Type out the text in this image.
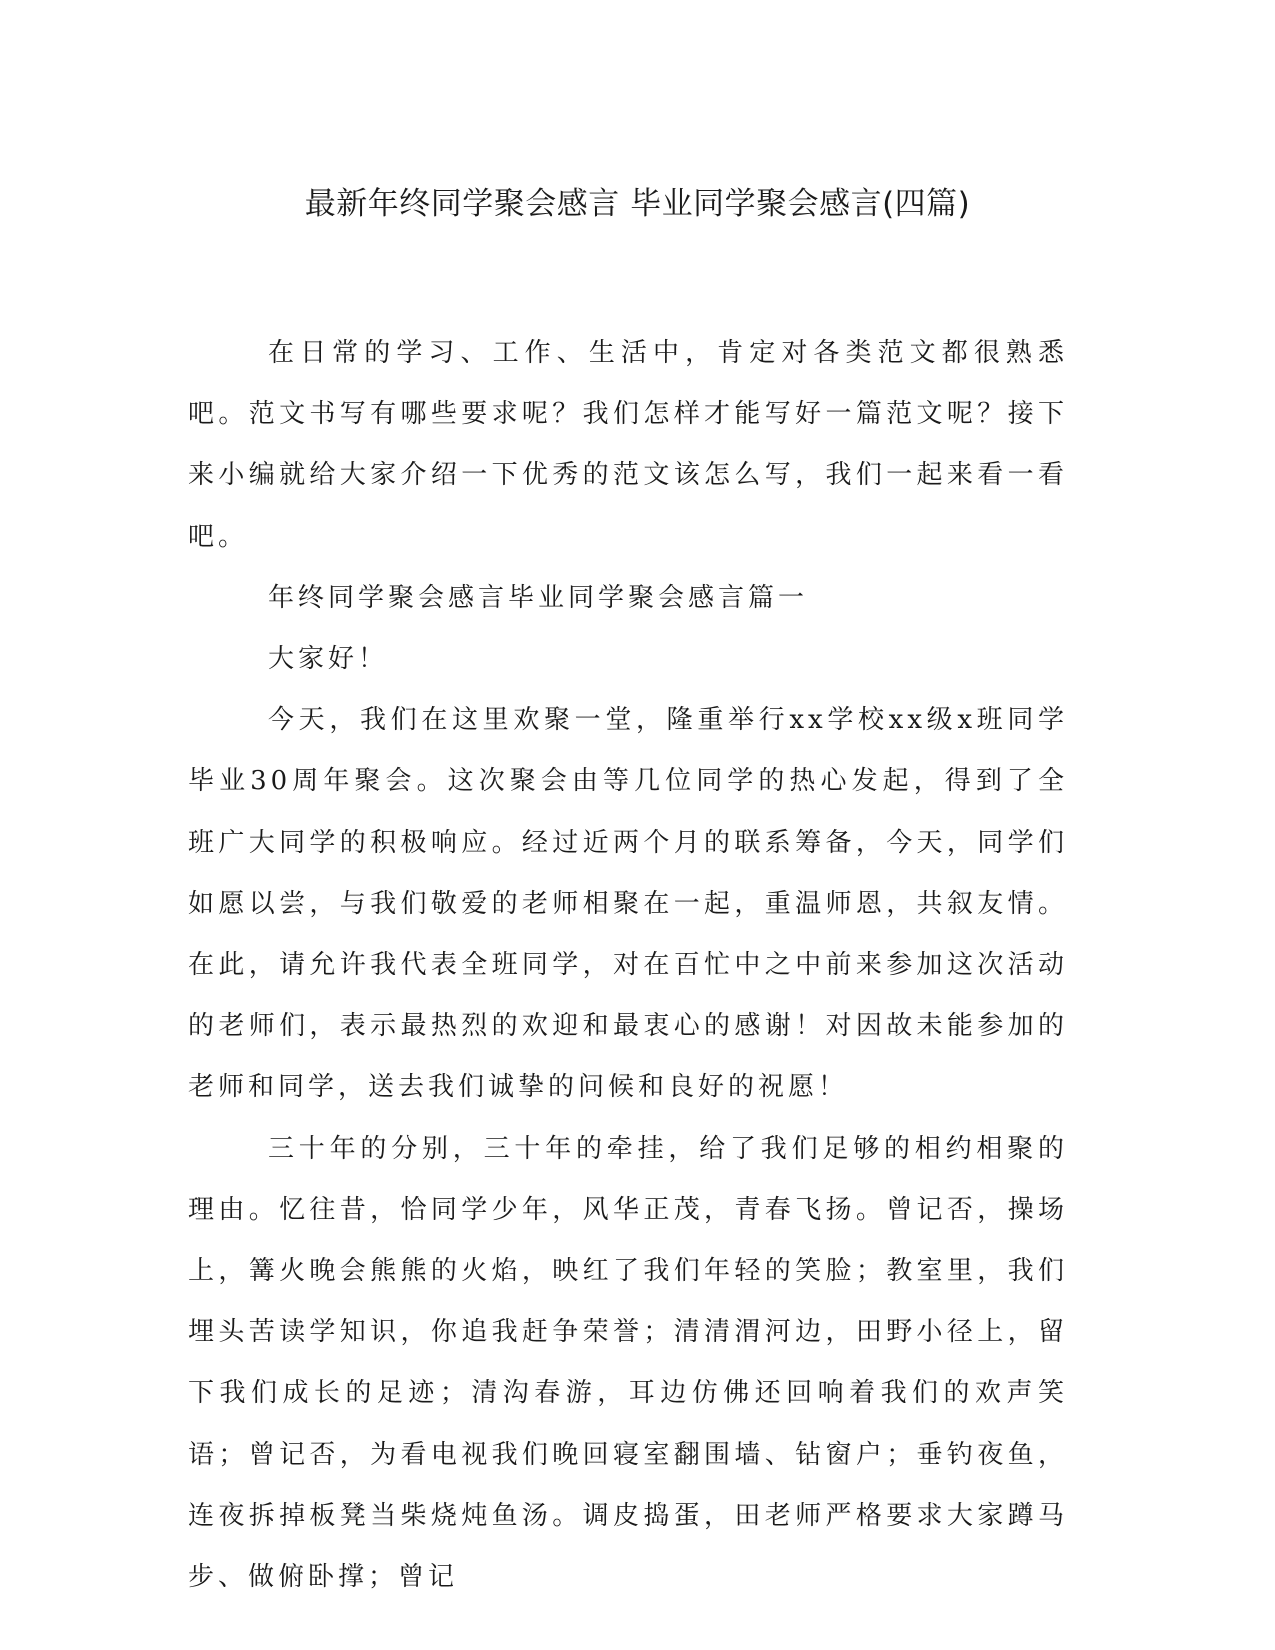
最新年终同学聚会感言 毕业同学聚会感言(四篇)

在日常的学习、工作、生活中，肯定对各类范文都很熟悉吧。范文书写有哪些要求呢？我们怎样才能写好一篇范文呢？接下来小编就给大家介绍一下优秀的范文该怎么写，我们一起来看一看吧。

年终同学聚会感言毕业同学聚会感言篇一

大家好！

今天，我们在这里欢聚一堂，隆重举行xx学校xx级x班同学毕业30周年聚会。这次聚会由等几位同学的热心发起，得到了全班广大同学的积极响应。经过近两个月的联系筹备，今天，同学们如愿以尝，与我们敬爱的老师相聚在一起，重温师恩，共叙友情。在此，请允许我代表全班同学，对在百忙中之中前来参加这次活动的老师们，表示最热烈的欢迎和最衷心的感谢！对因故未能参加的老师和同学，送去我们诚挚的问候和良好的祝愿！

三十年的分别，三十年的牵挂，给了我们足够的相约相聚的理由。忆往昔，恰同学少年，风华正茂，青春飞扬。曾记否，操场上，篝火晚会熊熊的火焰，映红了我们年轻的笑脸；教室里，我们埋头苦读学知识，你追我赶争荣誉；清清渭河边，田野小径上，留下我们成长的足迹；清沟春游，耳边仿佛还回响着我们的欢声笑语；曾记否，为看电视我们晚回寝室翻围墙、钻窗户；垂钓夜鱼，连夜拆掉板凳当柴烧炖鱼汤。调皮捣蛋，田老师严格要求大家蹲马步、做俯卧撑；曾记
